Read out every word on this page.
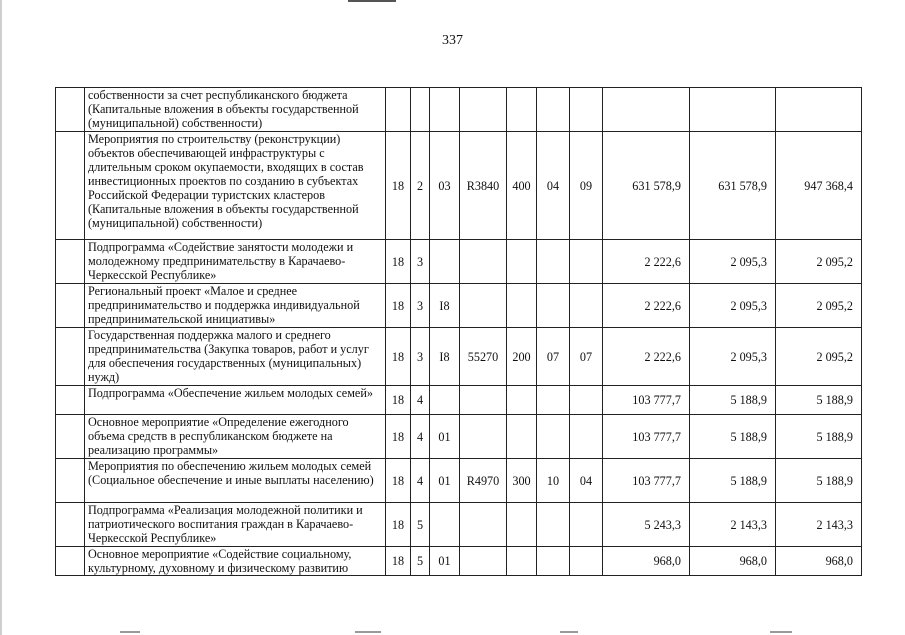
337
	собственности за счет республиканского бюджета (Капитальные вложения в объекты государственной (муниципальной) собственности)										
	Мероприятия по строительству (реконструкции) объектов обеспечивающей инфраструктуры с длительным сроком окупаемости, входящих в состав инвестиционных проектов по созданию в субъектах Российской Федерации туристских кластеров (Капитальные вложения в объекты государственной (муниципальной) собственности)	18	2	03	R3840	400	04	09	631 578,9	631 578,9	947 368,4
	Подпрограмма «Содействие занятости молодежи и молодежному предпринимательству в Карачаево-Черкесской Республике»	18	3						2 222,6	2 095,3	2 095,2
	Региональный проект «Малое и среднее предпринимательство и поддержка индивидуальной предпринимательской инициативы»	18	3	I8					2 222,6	2 095,3	2 095,2
	Государственная поддержка малого и среднего предпринимательства (Закупка товаров, работ и услуг для обеспечения государственных (муниципальных) нужд)	18	3	I8	55270	200	07	07	2 222,6	2 095,3	2 095,2
	Подпрограмма «Обеспечение жильем молодых семей»	18	4						103 777,7	5 188,9	5 188,9
	Основное мероприятие «Определение ежегодного объема средств в республиканском бюджете на реализацию программы»	18	4	01					103 777,7	5 188,9	5 188,9
	Мероприятия по обеспечению жильем молодых семей (Социальное обеспечение и иные выплаты населению)	18	4	01	R4970	300	10	04	103 777,7	5 188,9	5 188,9
	Подпрограмма «Реализация молодежной политики и патриотического воспитания граждан в Карачаево-Черкесской Республике»	18	5						5 243,3	2 143,3	2 143,3
	Основное мероприятие «Содействие социальному, культурному, духовному и физическому развитию	18	5	01					968,0	968,0	968,0
